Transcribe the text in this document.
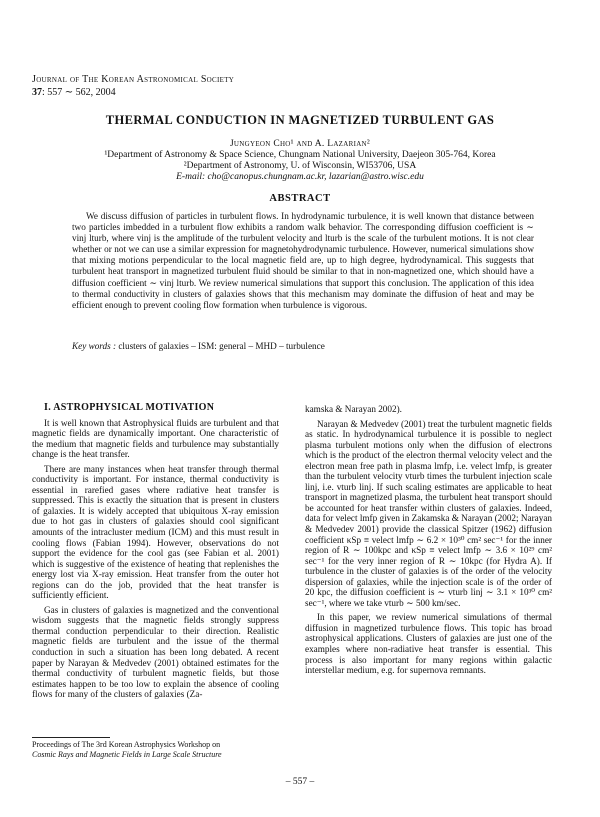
Journal of The Korean Astronomical Society
37: 557 ∼ 562, 2004
THERMAL CONDUCTION IN MAGNETIZED TURBULENT GAS
Jungyeon Cho¹ and A. Lazarian²
¹Department of Astronomy & Space Science, Chungnam National University, Daejeon 305-764, Korea
²Department of Astronomy, U. of Wisconsin, WI53706, USA
E-mail: cho@canopus.chungnam.ac.kr, lazarian@astro.wisc.edu
ABSTRACT

We discuss diffusion of particles in turbulent flows. In hydrodynamic turbulence, it is well known that distance between two particles imbedded in a turbulent flow exhibits a random walk behavior. The corresponding diffusion coefficient is ∼ vinj lturb, where vinj is the amplitude of the turbulent velocity and lturb is the scale of the turbulent motions. It is not clear whether or not we can use a similar expression for magnetohydrodynamic turbulence. However, numerical simulations show that mixing motions perpendicular to the local magnetic field are, up to high degree, hydrodynamical. This suggests that turbulent heat transport in magnetized turbulent fluid should be similar to that in non-magnetized one, which should have a diffusion coefficient ∼ vinj lturb. We review numerical simulations that support this conclusion. The application of this idea to thermal conductivity in clusters of galaxies shows that this mechanism may dominate the diffusion of heat and may be efficient enough to prevent cooling flow formation when turbulence is vigorous.

Key words : clusters of galaxies – ISM: general – MHD – turbulence

I. ASTROPHYSICAL MOTIVATION

It is well known that Astrophysical fluids are turbulent and that magnetic fields are dynamically important. One characteristic of the medium that magnetic fields and turbulence may substantially change is the heat transfer.

There are many instances when heat transfer through thermal conductivity is important. For instance, thermal conductivity is essential in rarefied gases where radiative heat transfer is suppressed. This is exactly the situation that is present in clusters of galaxies. It is widely accepted that ubiquitous X-ray emission due to hot gas in clusters of galaxies should cool significant amounts of the intracluster medium (ICM) and this must result in cooling flows (Fabian 1994). However, observations do not support the evidence for the cool gas (see Fabian et al. 2001) which is suggestive of the existence of heating that replenishes the energy lost via X-ray emission. Heat transfer from the outer hot regions can do the job, provided that the heat transfer is sufficiently efficient.

Gas in clusters of galaxies is magnetized and the conventional wisdom suggests that the magnetic fields strongly suppress thermal conduction perpendicular to their direction. Realistic magnetic fields are turbulent and the issue of the thermal conduction in such a situation has been long debated. A recent paper by Narayan & Medvedev (2001) obtained estimates for the thermal conductivity of turbulent magnetic fields, but those estimates happen to be too low to explain the absence of cooling flows for many of the clusters of galaxies (Za-

kamska & Narayan 2002).

Narayan & Medvedev (2001) treat the turbulent magnetic fields as static. In hydrodynamical turbulence it is possible to neglect plasma turbulent motions only when the diffusion of electrons which is the product of the electron thermal velocity velect and the electron mean free path in plasma lmfp, i.e. velect lmfp, is greater than the turbulent velocity vturb times the turbulent injection scale linj, i.e. vturb linj. If such scaling estimates are applicable to heat transport in magnetized plasma, the turbulent heat transport should be accounted for heat transfer within clusters of galaxies. Indeed, data for velect lmfp given in Zakamska & Narayan (2002; Narayan & Medvedev 2001) provide the classical Spitzer (1962) diffusion coefficient κSp ≡ velect lmfp ∼ 6.2 × 10³⁰ cm² sec⁻¹ for the inner region of R ∼ 100kpc and κSp ≡ velect lmfp ∼ 3.6 × 10²⁹ cm² sec⁻¹ for the very inner region of R ∼ 10kpc (for Hydra A). If turbulence in the cluster of galaxies is of the order of the velocity dispersion of galaxies, while the injection scale is of the order of 20 kpc, the diffusion coefficient is ∼ vturb linj ∼ 3.1 × 10³⁰ cm² sec⁻¹, where we take vturb ∼ 500 km/sec.

In this paper, we review numerical simulations of thermal diffusion in magnetized turbulence flows. This topic has broad astrophysical applications. Clusters of galaxies are just one of the examples where non-radiative heat transfer is essential. This process is also important for many regions within galactic interstellar medium, e.g. for supernova remnants.

Proceedings of The 3rd Korean Astrophysics Workshop on
Cosmic Rays and Magnetic Fields in Large Scale Structure
– 557 –
